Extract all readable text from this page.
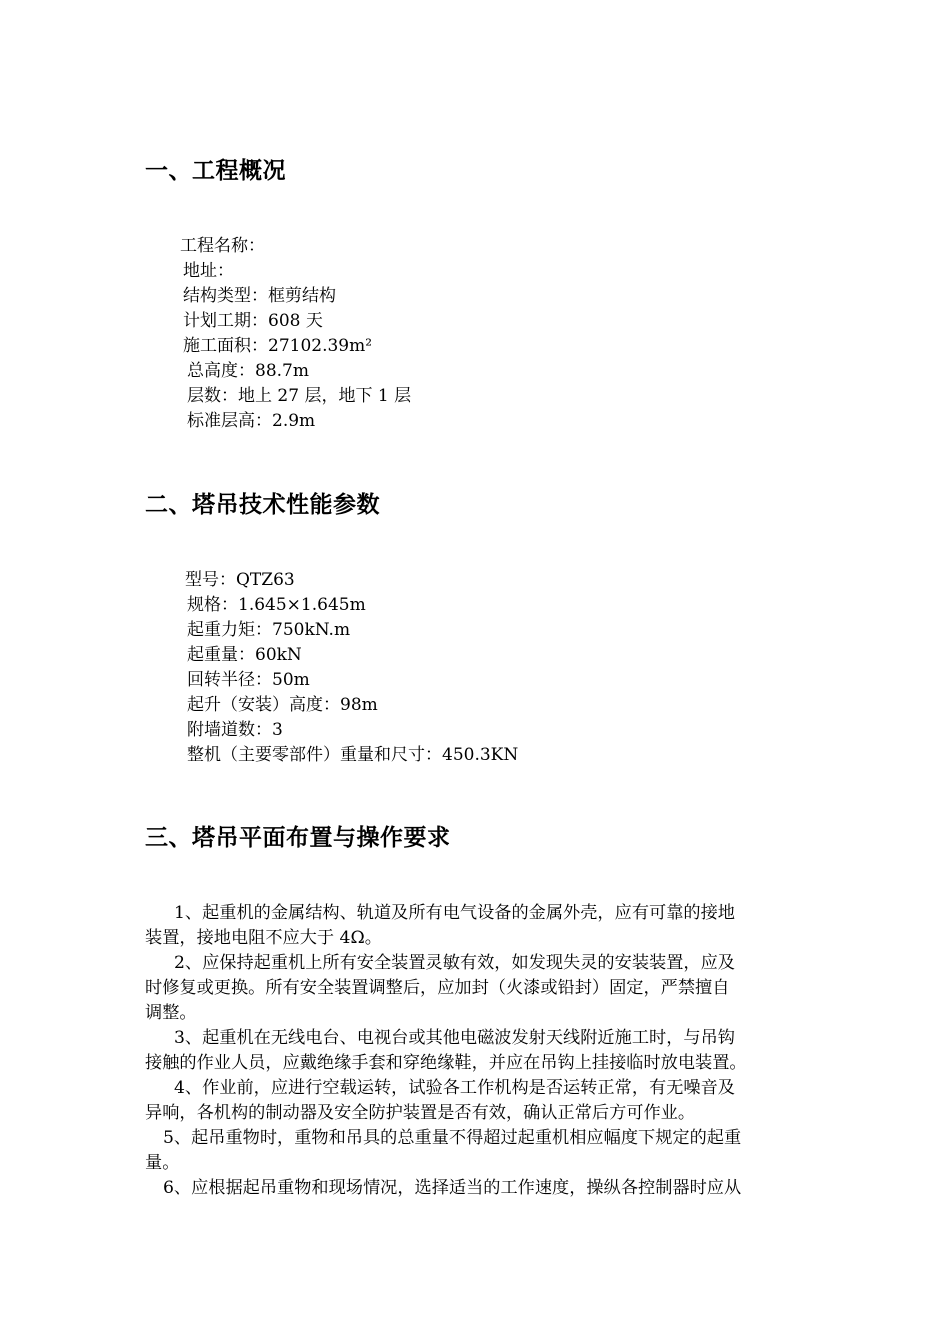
一、工程概况
工程名称：
地址：
结构类型：框剪结构
计划工期：608 天
施工面积：27102.39m²
总高度：88.7m
层数：地上 27 层，地下 1 层
标准层高：2.9m
二、塔吊技术性能参数
型号：QTZ63
规格：1.645×1.645m
起重力矩：750kN.m
起重量：60kN
回转半径：50m
起升（安装）高度：98m
附墙道数：3
整机（主要零部件）重量和尺寸：450.3KN
三、塔吊平面布置与操作要求
1、起重机的金属结构、轨道及所有电气设备的金属外壳，应有可靠的接地
装置，接地电阻不应大于 4Ω。
2、应保持起重机上所有安全装置灵敏有效，如发现失灵的安装装置，应及
时修复或更换。所有安全装置调整后，应加封（火漆或铅封）固定，严禁擅自
调整。
3、起重机在无线电台、电视台或其他电磁波发射天线附近施工时，与吊钩
接触的作业人员，应戴绝缘手套和穿绝缘鞋，并应在吊钩上挂接临时放电装置。
4、作业前，应进行空载运转，试验各工作机构是否运转正常，有无噪音及
异响，各机构的制动器及安全防护装置是否有效，确认正常后方可作业。
5、起吊重物时，重物和吊具的总重量不得超过起重机相应幅度下规定的起重
量。
6、应根据起吊重物和现场情况，选择适当的工作速度，操纵各控制器时应从
